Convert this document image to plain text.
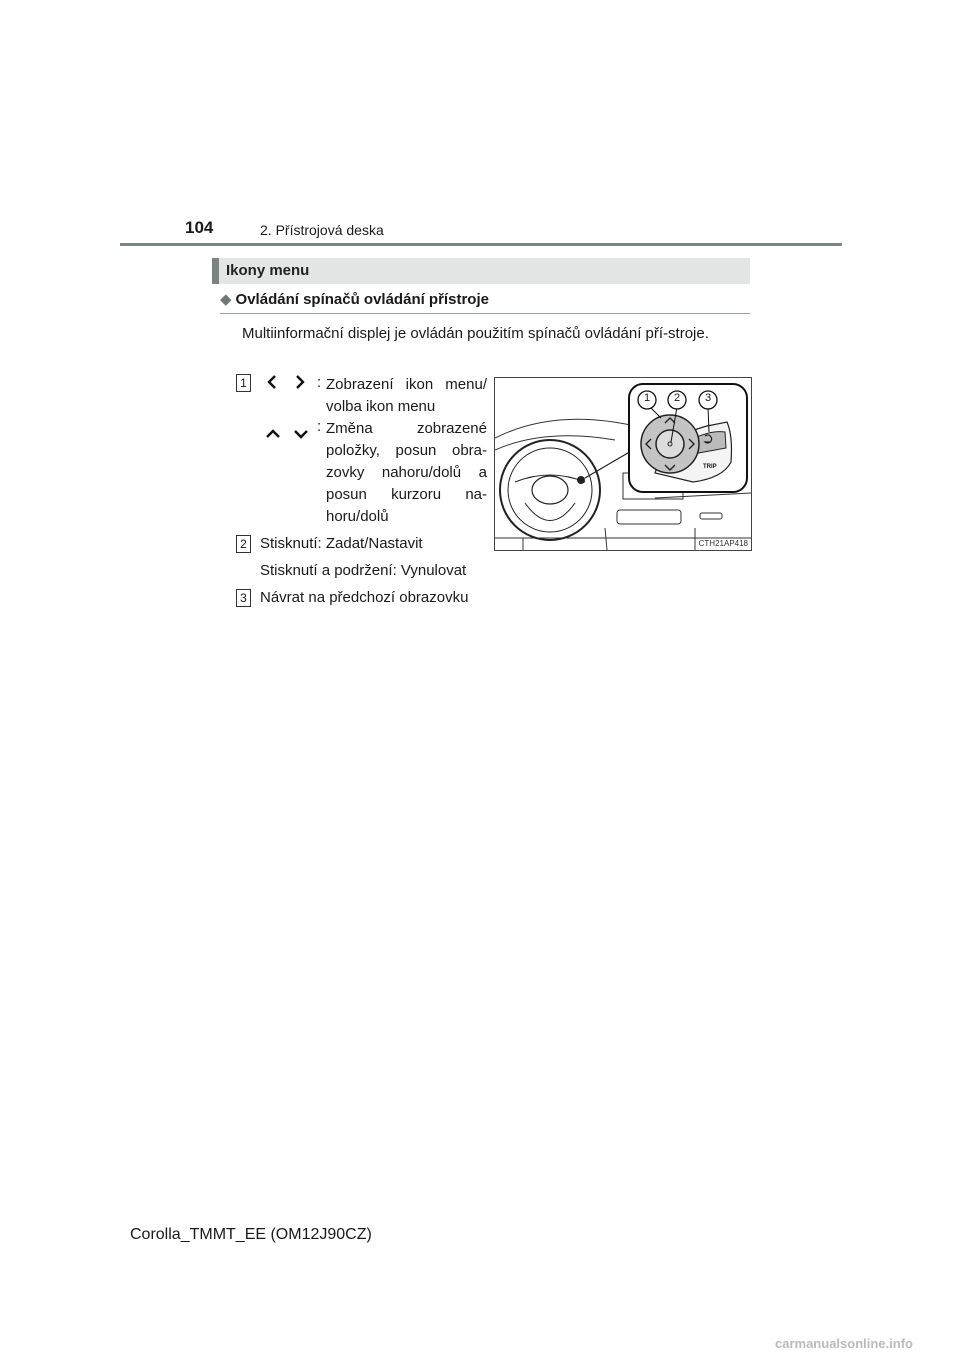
104	2. Přístrojová deska
Ikony menu
◆ Ovládání spínačů ovládání přístroje
Multiinformační displej je ovládán použitím spínačů ovládání pří-stroje.
1	: Zobrazení ikon menu/ volba ikon menu
: Změna zobrazené položky, posun obra-zovky nahoru/dolů a posun kurzoru na-horu/dolů
2 Stisknutí: Zadat/Nastavit
Stisknutí a podržení: Vynulovat
3 Návrat na předchozí obrazovku
1 2 3
TRIP
CTH21AP418
Corolla_TMMT_EE (OM12J90CZ)
carmanualsonline.info
